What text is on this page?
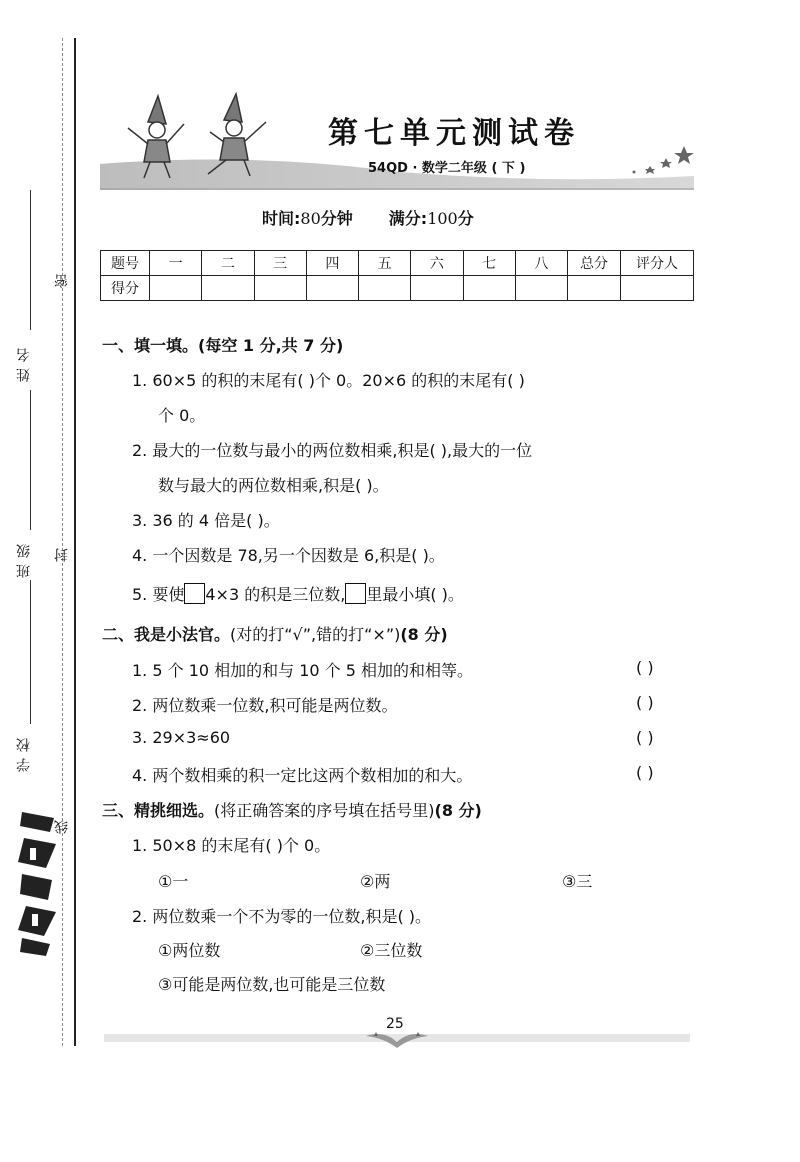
姓名
班级
学校
密
封
线
第七单元测试卷
54QD · 数学二年级 ( 下 )
时间:80分钟 满分:100分
题号	一	二	三	四	五	六	七	八	总分	评分人
得分										
一、填一填。(每空 1 分,共 7 分)
1. 60×5 的积的末尾有( )个 0。20×6 的积的末尾有( )
个 0。
2. 最大的一位数与最小的两位数相乘,积是( ),最大的一位
数与最大的两位数相乘,积是( )。
3. 36 的 4 倍是( )。
4. 一个因数是 78,另一个因数是 6,积是( )。
5. 要使 4×3 的积是三位数, 里最小填( )。
二、我是小法官。(对的打“√”,错的打“×”)(8 分)
1. 5 个 10 相加的和与 10 个 5 相加的和相等。	( )
2. 两位数乘一位数,积可能是两位数。	( )
3. 29×3≈60	( )
4. 两个数相乘的积一定比这两个数相加的和大。	( )
三、精挑细选。(将正确答案的序号填在括号里)(8 分)
1. 50×8 的末尾有( )个 0。
①一	②两	③三
2. 两位数乘一个不为零的一位数,积是( )。
①两位数	②三位数
③可能是两位数,也可能是三位数
25
